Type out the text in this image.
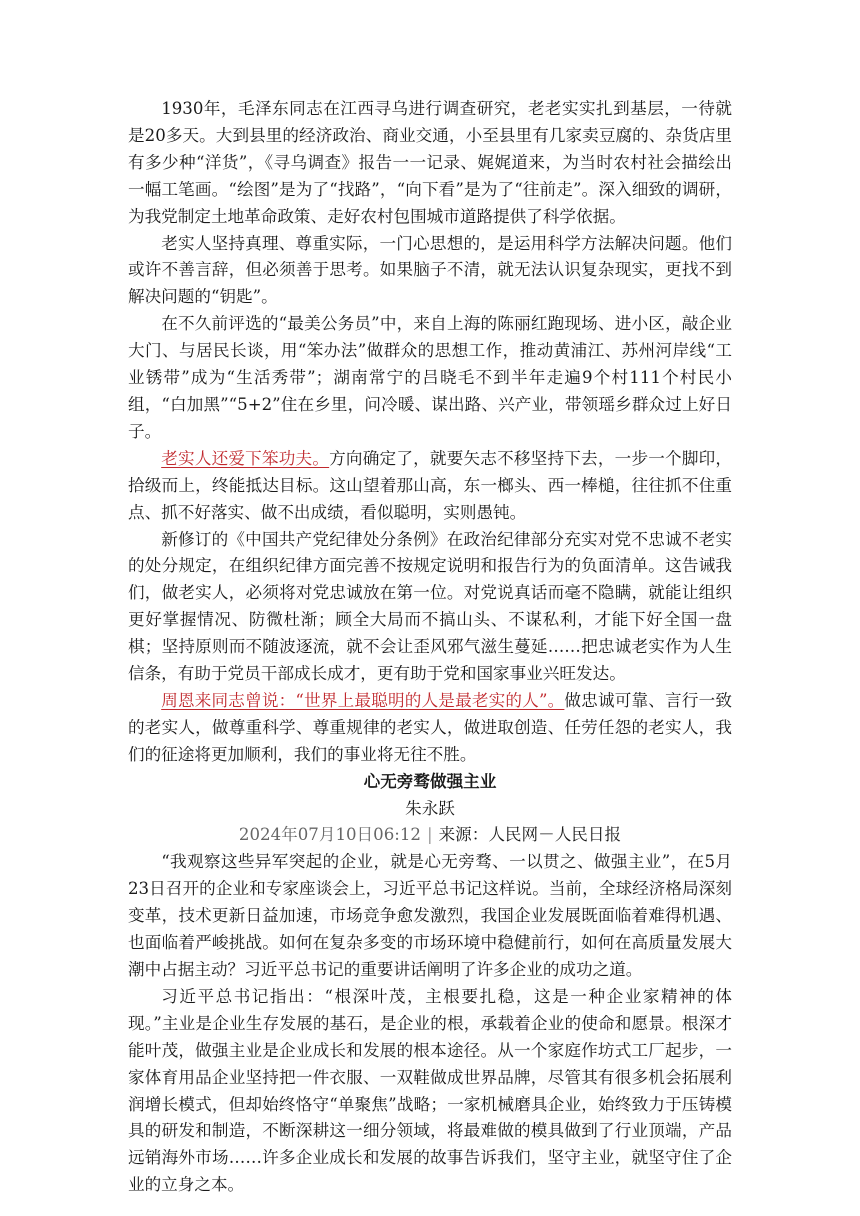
1930年，毛泽东同志在江西寻乌进行调查研究，老老实实扎到基层，一待就是20多天。大到县里的经济政治、商业交通，小至县里有几家卖豆腐的、杂货店里有多少种“洋货”，《寻乌调查》报告一一记录、娓娓道来，为当时农村社会描绘出一幅工笔画。“绘图”是为了“找路”，“向下看”是为了“往前走”。深入细致的调研，为我党制定土地革命政策、走好农村包围城市道路提供了科学依据。

老实人坚持真理、尊重实际，一门心思想的，是运用科学方法解决问题。他们或许不善言辞，但必须善于思考。如果脑子不清，就无法认识复杂现实，更找不到解决问题的“钥匙”。

在不久前评选的“最美公务员”中，来自上海的陈丽红跑现场、进小区，敲企业大门、与居民长谈，用“笨办法”做群众的思想工作，推动黄浦江、苏州河岸线“工业锈带”成为“生活秀带”；湖南常宁的吕晓毛不到半年走遍9个村111个村民小组，“白加黑”“5+2”住在乡里，问冷暖、谋出路、兴产业，带领瑶乡群众过上好日子。

老实人还爱下笨功夫。方向确定了，就要矢志不移坚持下去，一步一个脚印，拾级而上，终能抵达目标。这山望着那山高，东一榔头、西一棒槌，往往抓不住重点、抓不好落实、做不出成绩，看似聪明，实则愚钝。

新修订的《中国共产党纪律处分条例》在政治纪律部分充实对党不忠诚不老实的处分规定，在组织纪律方面完善不按规定说明和报告行为的负面清单。这告诫我们，做老实人，必须将对党忠诚放在第一位。对党说真话而毫不隐瞒，就能让组织更好掌握情况、防微杜渐；顾全大局而不搞山头、不谋私利，才能下好全国一盘棋；坚持原则而不随波逐流，就不会让歪风邪气滋生蔓延……把忠诚老实作为人生信条，有助于党员干部成长成才，更有助于党和国家事业兴旺发达。

周恩来同志曾说：“世界上最聪明的人是最老实的人”。做忠诚可靠、言行一致的老实人，做尊重科学、尊重规律的老实人，做进取创造、任劳任怨的老实人，我们的征途将更加顺利，我们的事业将无往不胜。

心无旁骛做强主业

朱永跃

2024年07月10日06:12 | 来源：人民网－人民日报

“我观察这些异军突起的企业，就是心无旁骛、一以贯之、做强主业”，在5月23日召开的企业和专家座谈会上，习近平总书记这样说。当前，全球经济格局深刻变革，技术更新日益加速，市场竞争愈发激烈，我国企业发展既面临着难得机遇、也面临着严峻挑战。如何在复杂多变的市场环境中稳健前行，如何在高质量发展大潮中占据主动？习近平总书记的重要讲话阐明了许多企业的成功之道。

习近平总书记指出：“根深叶茂，主根要扎稳，这是一种企业家精神的体现。”主业是企业生存发展的基石，是企业的根，承载着企业的使命和愿景。根深才能叶茂，做强主业是企业成长和发展的根本途径。从一个家庭作坊式工厂起步，一家体育用品企业坚持把一件衣服、一双鞋做成世界品牌，尽管其有很多机会拓展利润增长模式，但却始终恪守“单聚焦”战略；一家机械磨具企业，始终致力于压铸模具的研发和制造，不断深耕这一细分领域，将最难做的模具做到了行业顶端，产品远销海外市场……许多企业成长和发展的故事告诉我们，坚守主业，就坚守住了企业的立身之本。
